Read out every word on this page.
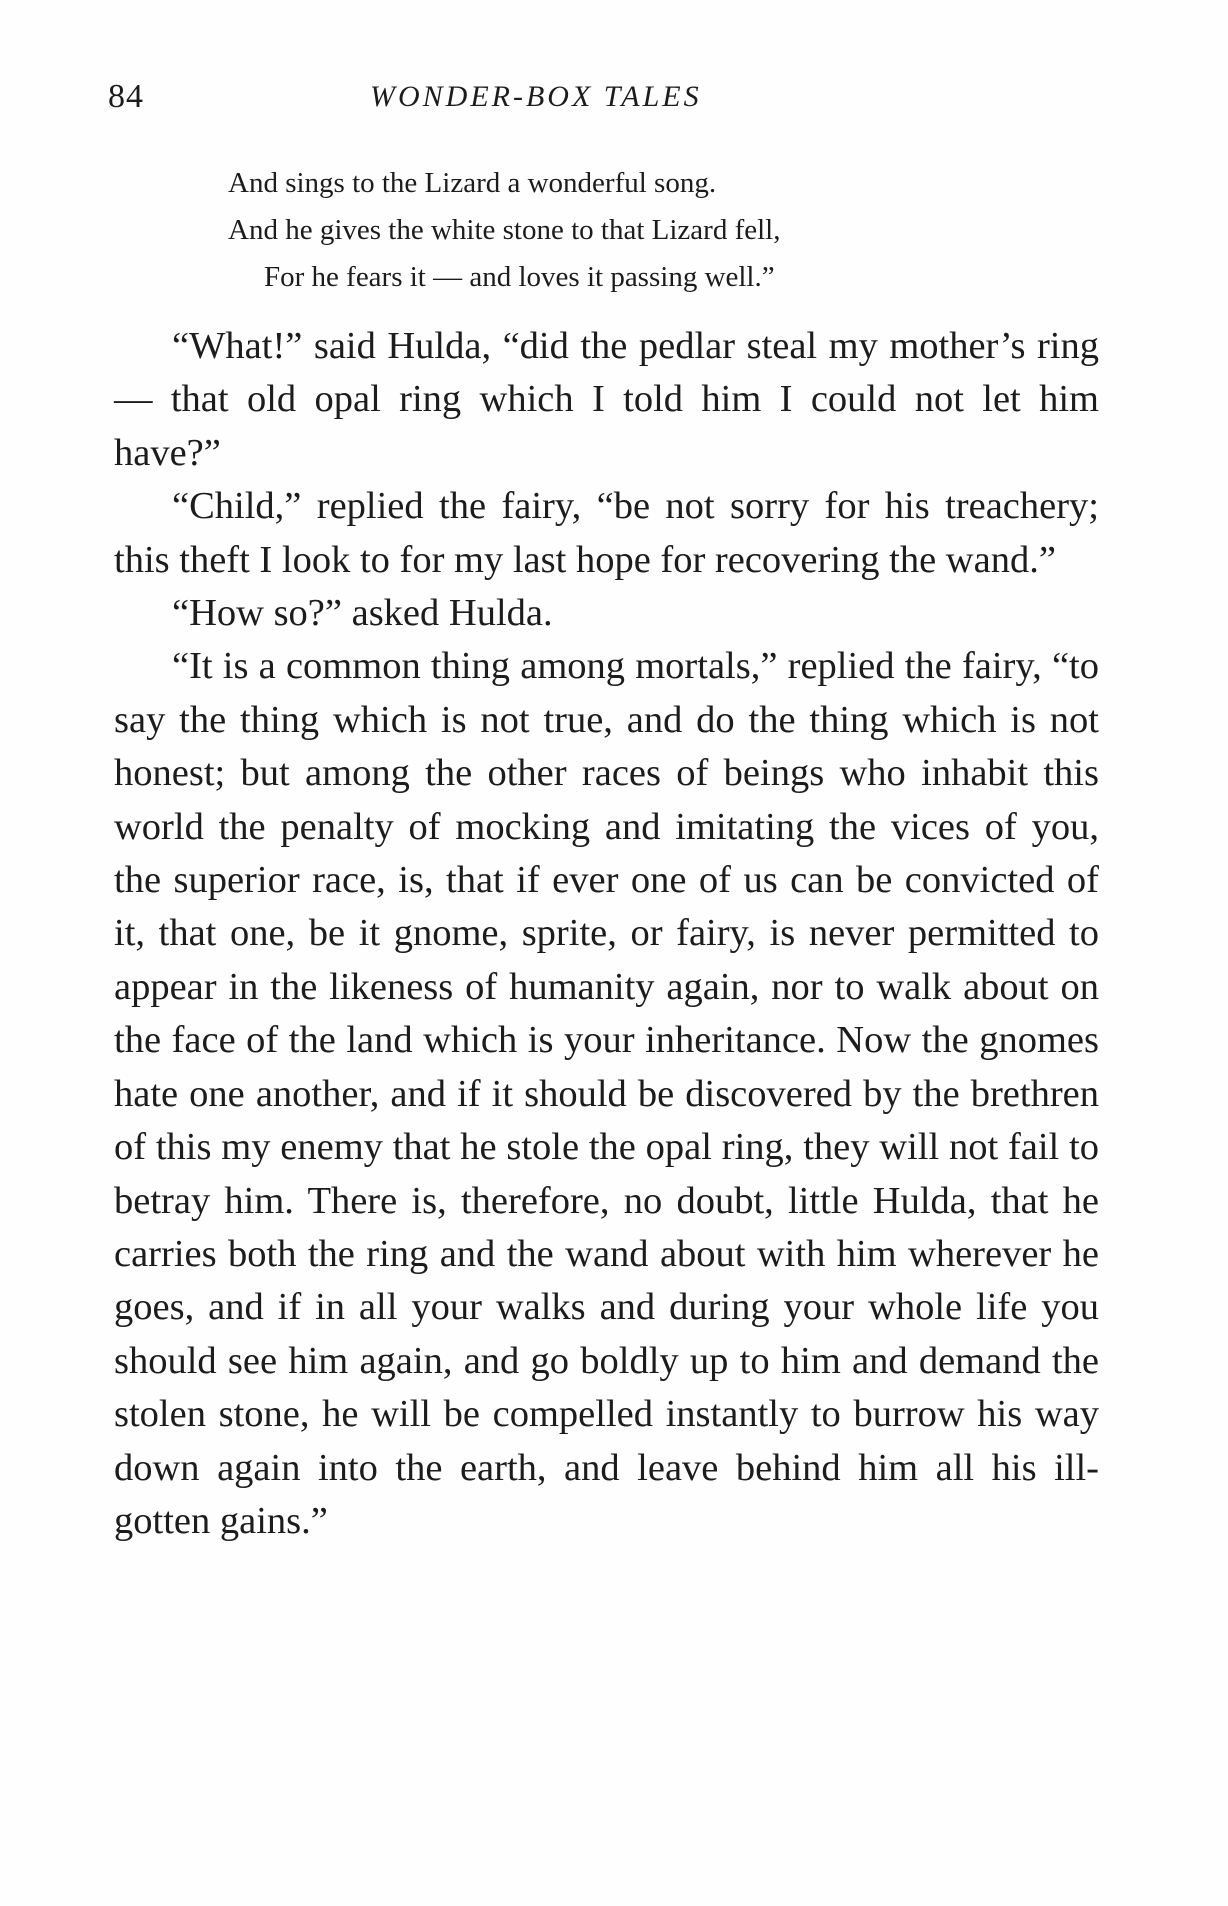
84	WONDER-BOX TALES
And sings to the Lizard a wonderful song.
And he gives the white stone to that Lizard fell,
For he fears it — and loves it passing well.”

“What!” said Hulda, “did the pedlar steal my mother’s ring — that old opal ring which I told him I could not let him have?”

“Child,” replied the fairy, “be not sorry for his treachery; this theft I look to for my last hope for recovering the wand.”

“How so?” asked Hulda.

“It is a common thing among mortals,” replied the fairy, “to say the thing which is not true, and do the thing which is not honest; but among the other races of beings who inhabit this world the penalty of mocking and imitating the vices of you, the superior race, is, that if ever one of us can be convicted of it, that one, be it gnome, sprite, or fairy, is never permitted to appear in the likeness of humanity again, nor to walk about on the face of the land which is your inheritance. Now the gnomes hate one another, and if it should be discovered by the brethren of this my enemy that he stole the opal ring, they will not fail to betray him. There is, therefore, no doubt, little Hulda, that he carries both the ring and the wand about with him wherever he goes, and if in all your walks and during your whole life you should see him again, and go boldly up to him and demand the stolen stone, he will be compelled instantly to burrow his way down again into the earth, and leave behind him all his ill-gotten gains.”
